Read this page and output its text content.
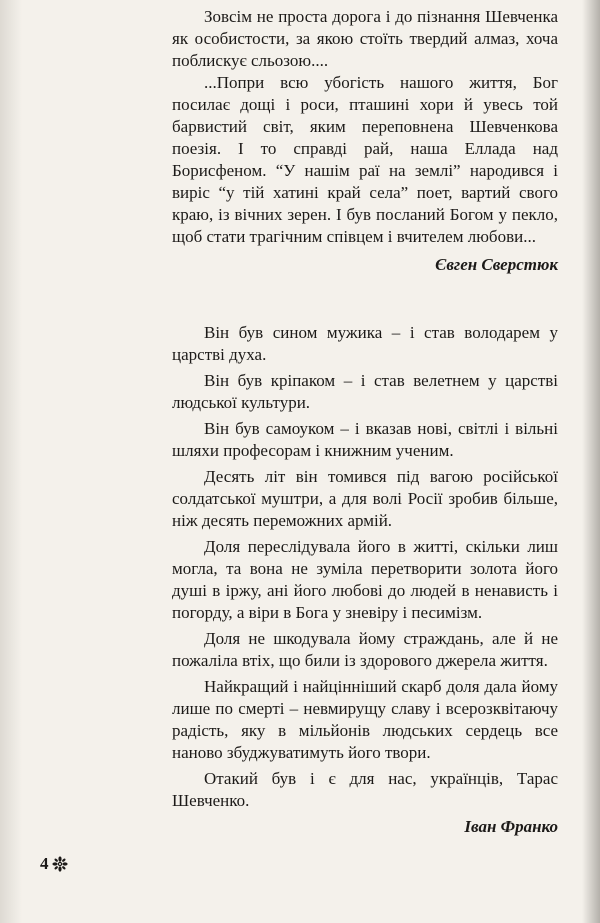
Зовсім не проста дорога і до пізнання Шевченка як особистости, за якою стоїть твердий алмаз, хоча поблискує сльозою....

...Попри всю убогість нашого життя, Бог посилає дощі і роси, пташині хори й увесь той барвистий світ, яким переповнена Шевченкова поезія. І то справді рай, наша Еллада над Борисфеном. “У нашім раї на землі” народився і виріс “у тій хатині край села” поет, вартий свого краю, із вічних зерен. І був посланий Богом у пекло, щоб стати трагічним співцем і вчителем любови...

Євген Сверстюк

Він був сином мужика – і став володарем у царстві духа.

Він був кріпаком – і став велетнем у царстві людської культури.

Він був самоуком – і вказав нові, світлі і вільні шляхи професорам і книжним ученим.

Десять літ він томився під вагою російської солдатської муштри, а для волі Росії зробив більше, ніж десять переможних армій.

Доля переслідувала його в житті, скільки лиш могла, та вона не зуміла перетворити золота його душі в іржу, ані його любові до людей в ненависть і погорду, а віри в Бога у зневіру і песимізм.

Доля не шкодувала йому страждань, але й не пожаліла втіх, що били із здорового джерела життя.

Найкращий і найцінніший скарб доля дала йому лише по смерті – невмирущу славу і всерозквітаючу радість, яку в мільйонів людських сердець все наново збуджуватимуть його твори.

Отакий був і є для нас, українців, Тарас Шевченко.

Іван Франко

4
